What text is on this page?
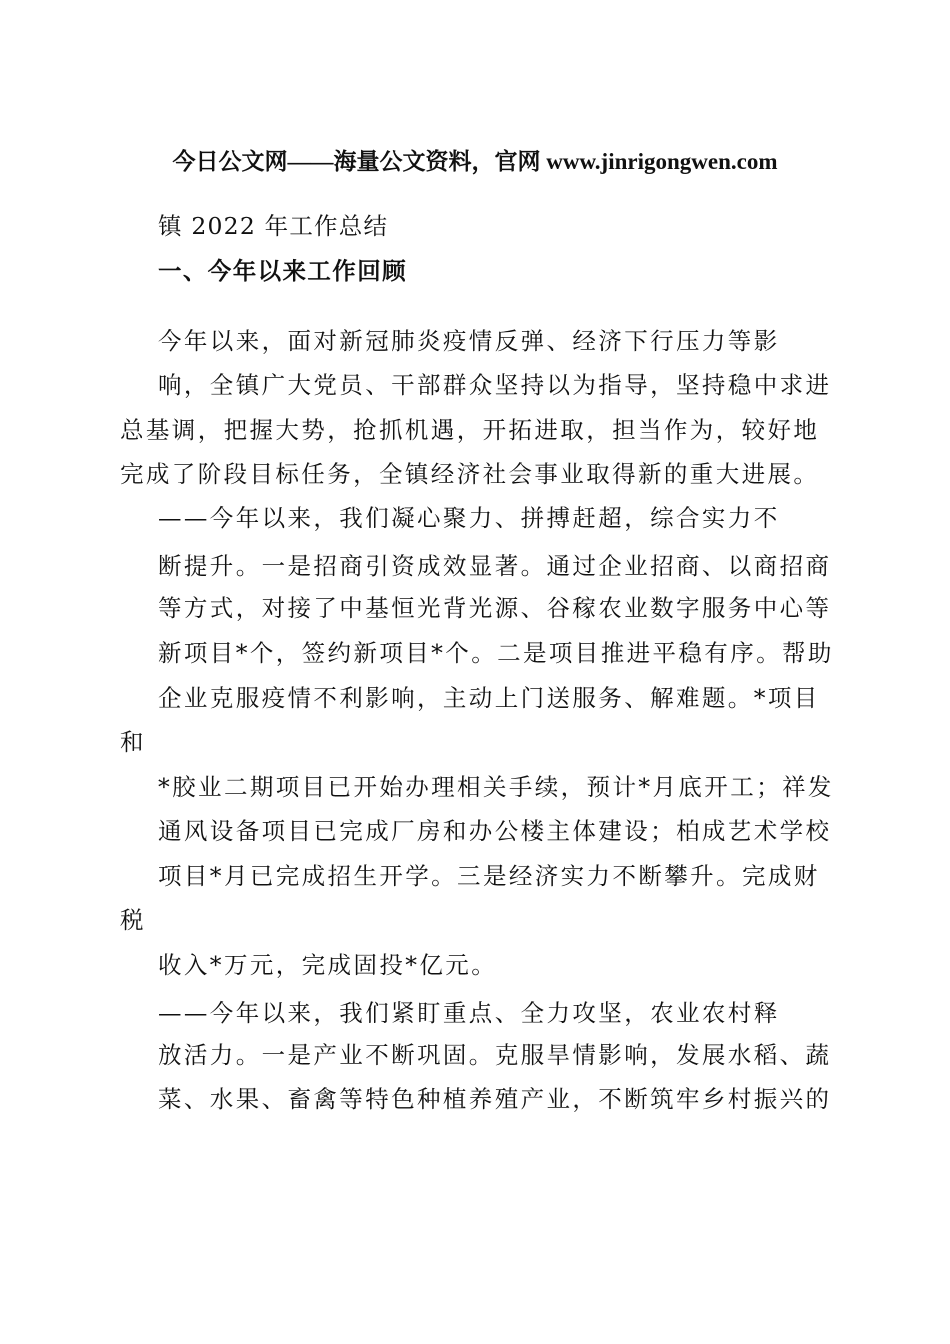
今日公文网——海量公文资料，官网 www.jinrigongwen.com
镇 2022 年工作总结
一、今年以来工作回顾
今年以来，面对新冠肺炎疫情反弹、经济下行压力等影
响，全镇广大党员、干部群众坚持以为指导，坚持稳中求进
总基调，把握大势，抢抓机遇，开拓进取，担当作为，较好地
完成了阶段目标任务，全镇经济社会事业取得新的重大进展。
——今年以来，我们凝心聚力、拼搏赶超，综合实力不
断提升。一是招商引资成效显著。通过企业招商、以商招商
等方式，对接了中基恒光背光源、谷稼农业数字服务中心等
新项目*个，签约新项目*个。二是项目推进平稳有序。帮助
企业克服疫情不利影响，主动上门送服务、解难题。*项目
和
*胶业二期项目已开始办理相关手续，预计*月底开工；祥发
通风设备项目已完成厂房和办公楼主体建设；柏成艺术学校
项目*月已完成招生开学。三是经济实力不断攀升。完成财
税
收入*万元，完成固投*亿元。
——今年以来，我们紧盯重点、全力攻坚，农业农村释
放活力。一是产业不断巩固。克服旱情影响，发展水稻、蔬
菜、水果、畜禽等特色种植养殖产业，不断筑牢乡村振兴的
